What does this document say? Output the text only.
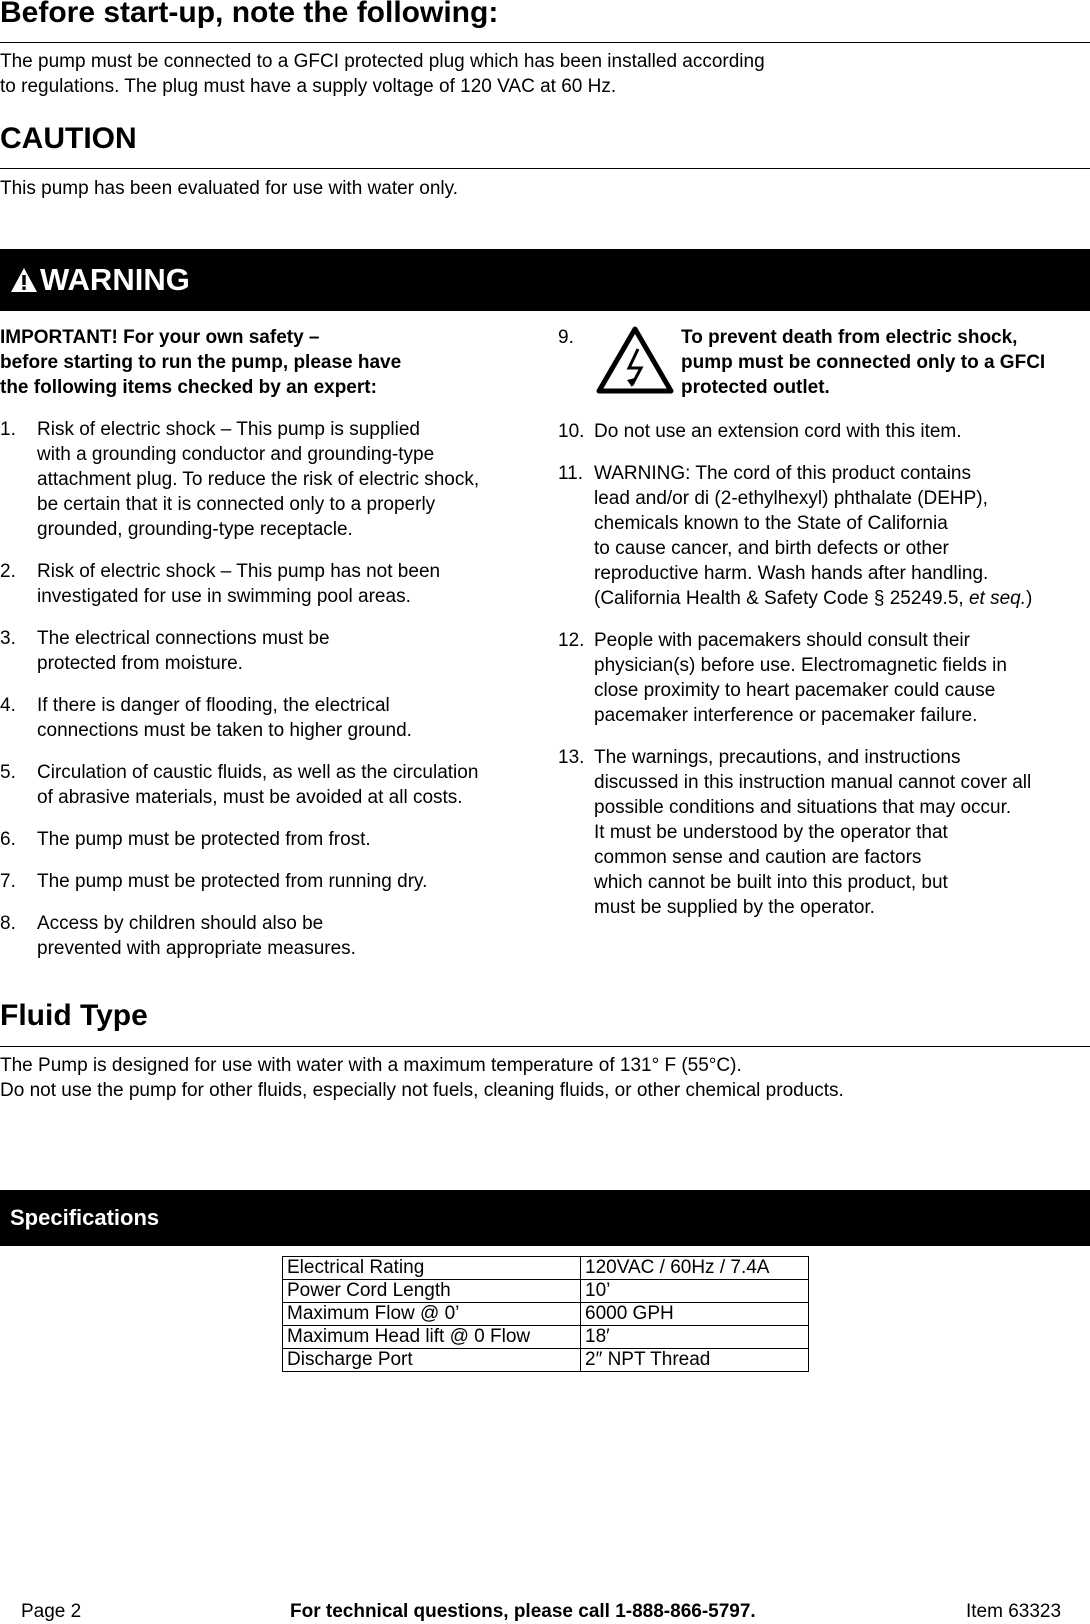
Before start-up, note the following:
The pump must be connected to a GFCI protected plug which has been installed according
to regulations. The plug must have a supply voltage of 120 VAC at 60 Hz.
CAUTION
This pump has been evaluated for use with water only.
WARNING
IMPORTANT! For your own safety –
before starting to run the pump, please have
the following items checked by an expert:
1.	Risk of electric shock – This pump is supplied
with a grounding conductor and grounding-type
attachment plug. To reduce the risk of electric shock,
be certain that it is connected only to a properly
grounded, grounding-type receptacle.
2.	Risk of electric shock – This pump has not been
investigated for use in swimming pool areas.
3.	The electrical connections must be
protected from moisture.
4.	If there is danger of flooding, the electrical
connections must be taken to higher ground.
5.	Circulation of caustic fluids, as well as the circulation
of abrasive materials, must be avoided at all costs.
6.	The pump must be protected from frost.
7.	The pump must be protected from running dry.
8.	Access by children should also be
prevented with appropriate measures.
9.	To prevent death from electric shock,
pump must be connected only to a GFCI
protected outlet.
10. Do not use an extension cord with this item.
11. WARNING: The cord of this product contains
lead and/or di (2-ethylhexyl) phthalate (DEHP),
chemicals known to the State of California
to cause cancer, and birth defects or other
reproductive harm. Wash hands after handling.
(California Health & Safety Code § 25249.5, et seq.)
12. People with pacemakers should consult their
physician(s) before use. Electromagnetic fields in
close proximity to heart pacemaker could cause
pacemaker interference or pacemaker failure.
13. The warnings, precautions, and instructions
discussed in this instruction manual cannot cover all
possible conditions and situations that may occur.
It must be understood by the operator that
common sense and caution are factors
which cannot be built into this product, but
must be supplied by the operator.
Fluid Type
The Pump is designed for use with water with a maximum temperature of 131° F (55°C).
Do not use the pump for other fluids, especially not fuels, cleaning fluids, or other chemical products.
Specifications
Electrical Rating	120VAC / 60Hz / 7.4A
Power Cord Length	10’
Maximum Flow @ 0’	6000 GPH
Maximum Head lift @ 0 Flow	18′
Discharge Port	2″ NPT Thread
Page 2	For technical questions, please call 1-888-866-5797.	Item 63323
